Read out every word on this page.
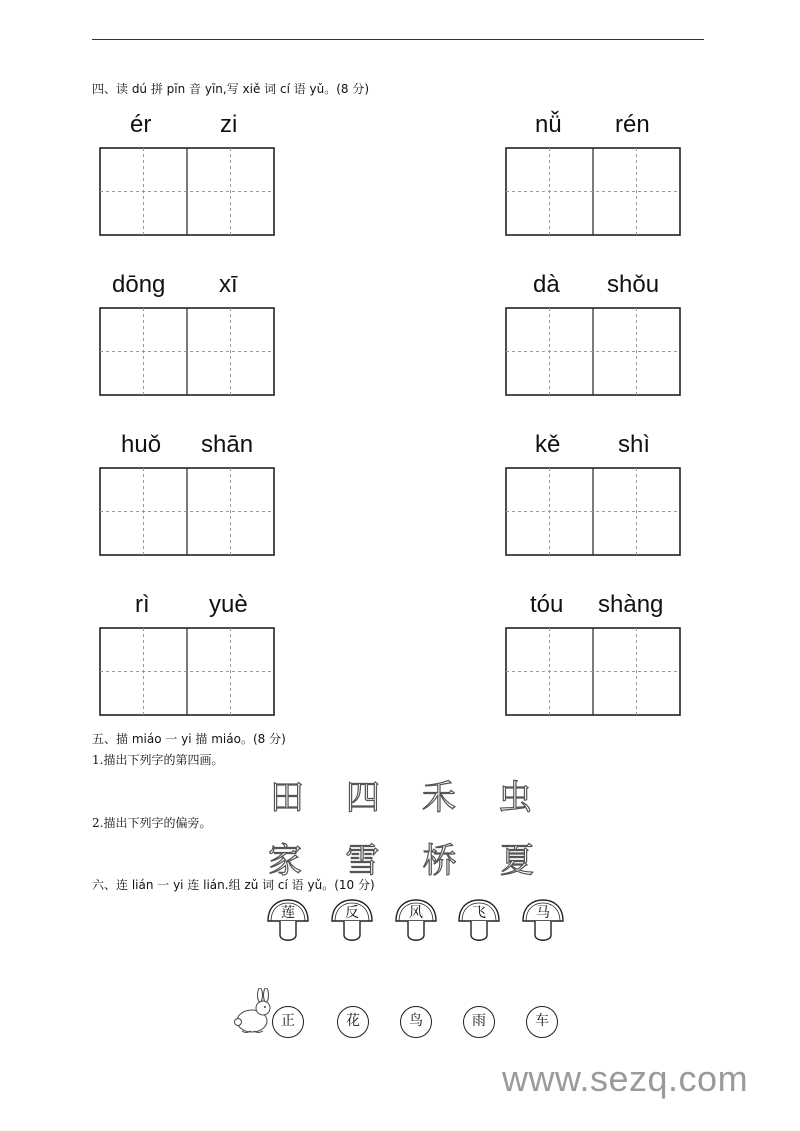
四、读 dú 拼 pīn 音 yīn,写 xiě 词 cí 语 yǔ。(8 分)
ér	zi	nǚ rén
dōng xī	dà shǒu
huǒ shān	kě shì
rì yuè	tóu shàng
五、描 miáo 一 yi 描 miáo。(8 分)
1.描出下列字的第四画。
田 四 禾 虫
2.描出下列字的偏旁。
家 雪 桥 夏
六、连 lián 一 yi 连 lián.组 zǔ 词 cí 语 yǔ。(10 分)
莲	反	风	飞	马
正	花	鸟	雨	车
www.sezq.com
